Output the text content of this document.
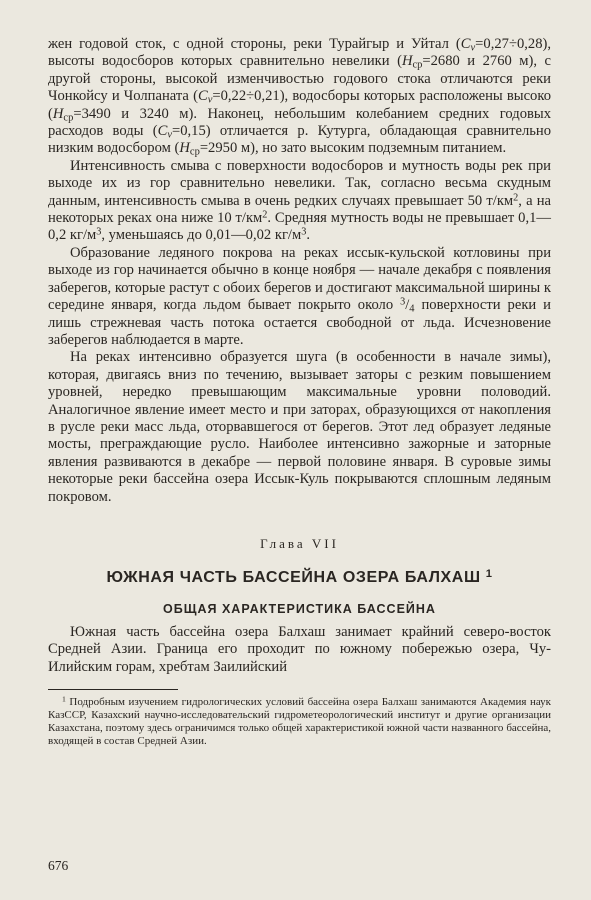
жен годовой сток, с одной стороны, реки Турайгыр и Уйтал $(C_v=0,27\div 0,28)$, высоты водосборов которых сравнительно невелики ($H_{ср}=2680$ и 2760 м), с другой стороны, высокой изменчивостью годового стока отличаются реки Чонкойсу и Чолпаната $(C_v=0,22\div 0,21)$, водосборы которых расположены высоко ($H_{ср}=3490$ и 3240 м). Наконец, небольшим колебанием средних годовых расходов воды $(C_v=0,15)$ отличается р. Кутурга, обладающая сравнительно низким водосбором ($H_{ср}=2950$ м), но зато высоким подземным питанием.

Интенсивность смыва с поверхности водосборов и мутность воды рек при выходе их из гор сравнительно невелики. Так, согласно весьма скудным данным, интенсивность смыва в очень редких случаях превышает 50 $т/км^2$, а на некоторых реках она ниже 10 $т/км^2$. Средняя мутность воды не превышает 0,1—0,2 $кг/м^3$, уменьшаясь до 0,01—0,02 $кг/м^3$.

Образование ледяного покрова на реках иссык-кульской котловины при выходе из гор начинается обычно в конце ноября — начале декабря с появления заберегов, которые растут с обоих берегов и достигают максимальной ширины к середине января, когда льдом бывает покрыто около $^3/_4$ поверхности реки и лишь стрежневая часть потока остается свободной от льда. Исчезновение заберегов наблюдается в марте.

На реках интенсивно образуется шуга (в особенности в начале зимы), которая, двигаясь вниз по течению, вызывает заторы с резким повышением уровней, нередко превышающим максимальные уровни половодий. Аналогичное явление имеет место и при заторах, образующихся от накопления в русле реки масс льда, оторвавшегося от берегов. Этот лед образует ледяные мосты, преграждающие русло. Наиболее интенсивно зажорные и заторные явления развиваются в декабре — первой половине января. В суровые зимы некоторые реки бассейна озера Иссык-Куль покрываются сплошным ледяным покровом.

Глава VII
ЮЖНАЯ ЧАСТЬ БАССЕЙНА ОЗЕРА БАЛХАШ $^1$
ОБЩАЯ ХАРАКТЕРИСТИКА БАССЕЙНА

Южная часть бассейна озера Балхаш занимает крайний северо-восток Средней Азии. Граница его проходит по южному побережью озера, Чу-Илийским горам, хребтам Заилийский

$^1$ Подробным изучением гидрологических условий бассейна озера Балхаш занимаются Академия наук КазССР, Казахский научно-исследовательский гидрометеорологический институт и другие организации Казахстана, поэтому здесь ограничимся только общей характеристикой южной части названного бассейна, входящей в состав Средней Азии.

676
